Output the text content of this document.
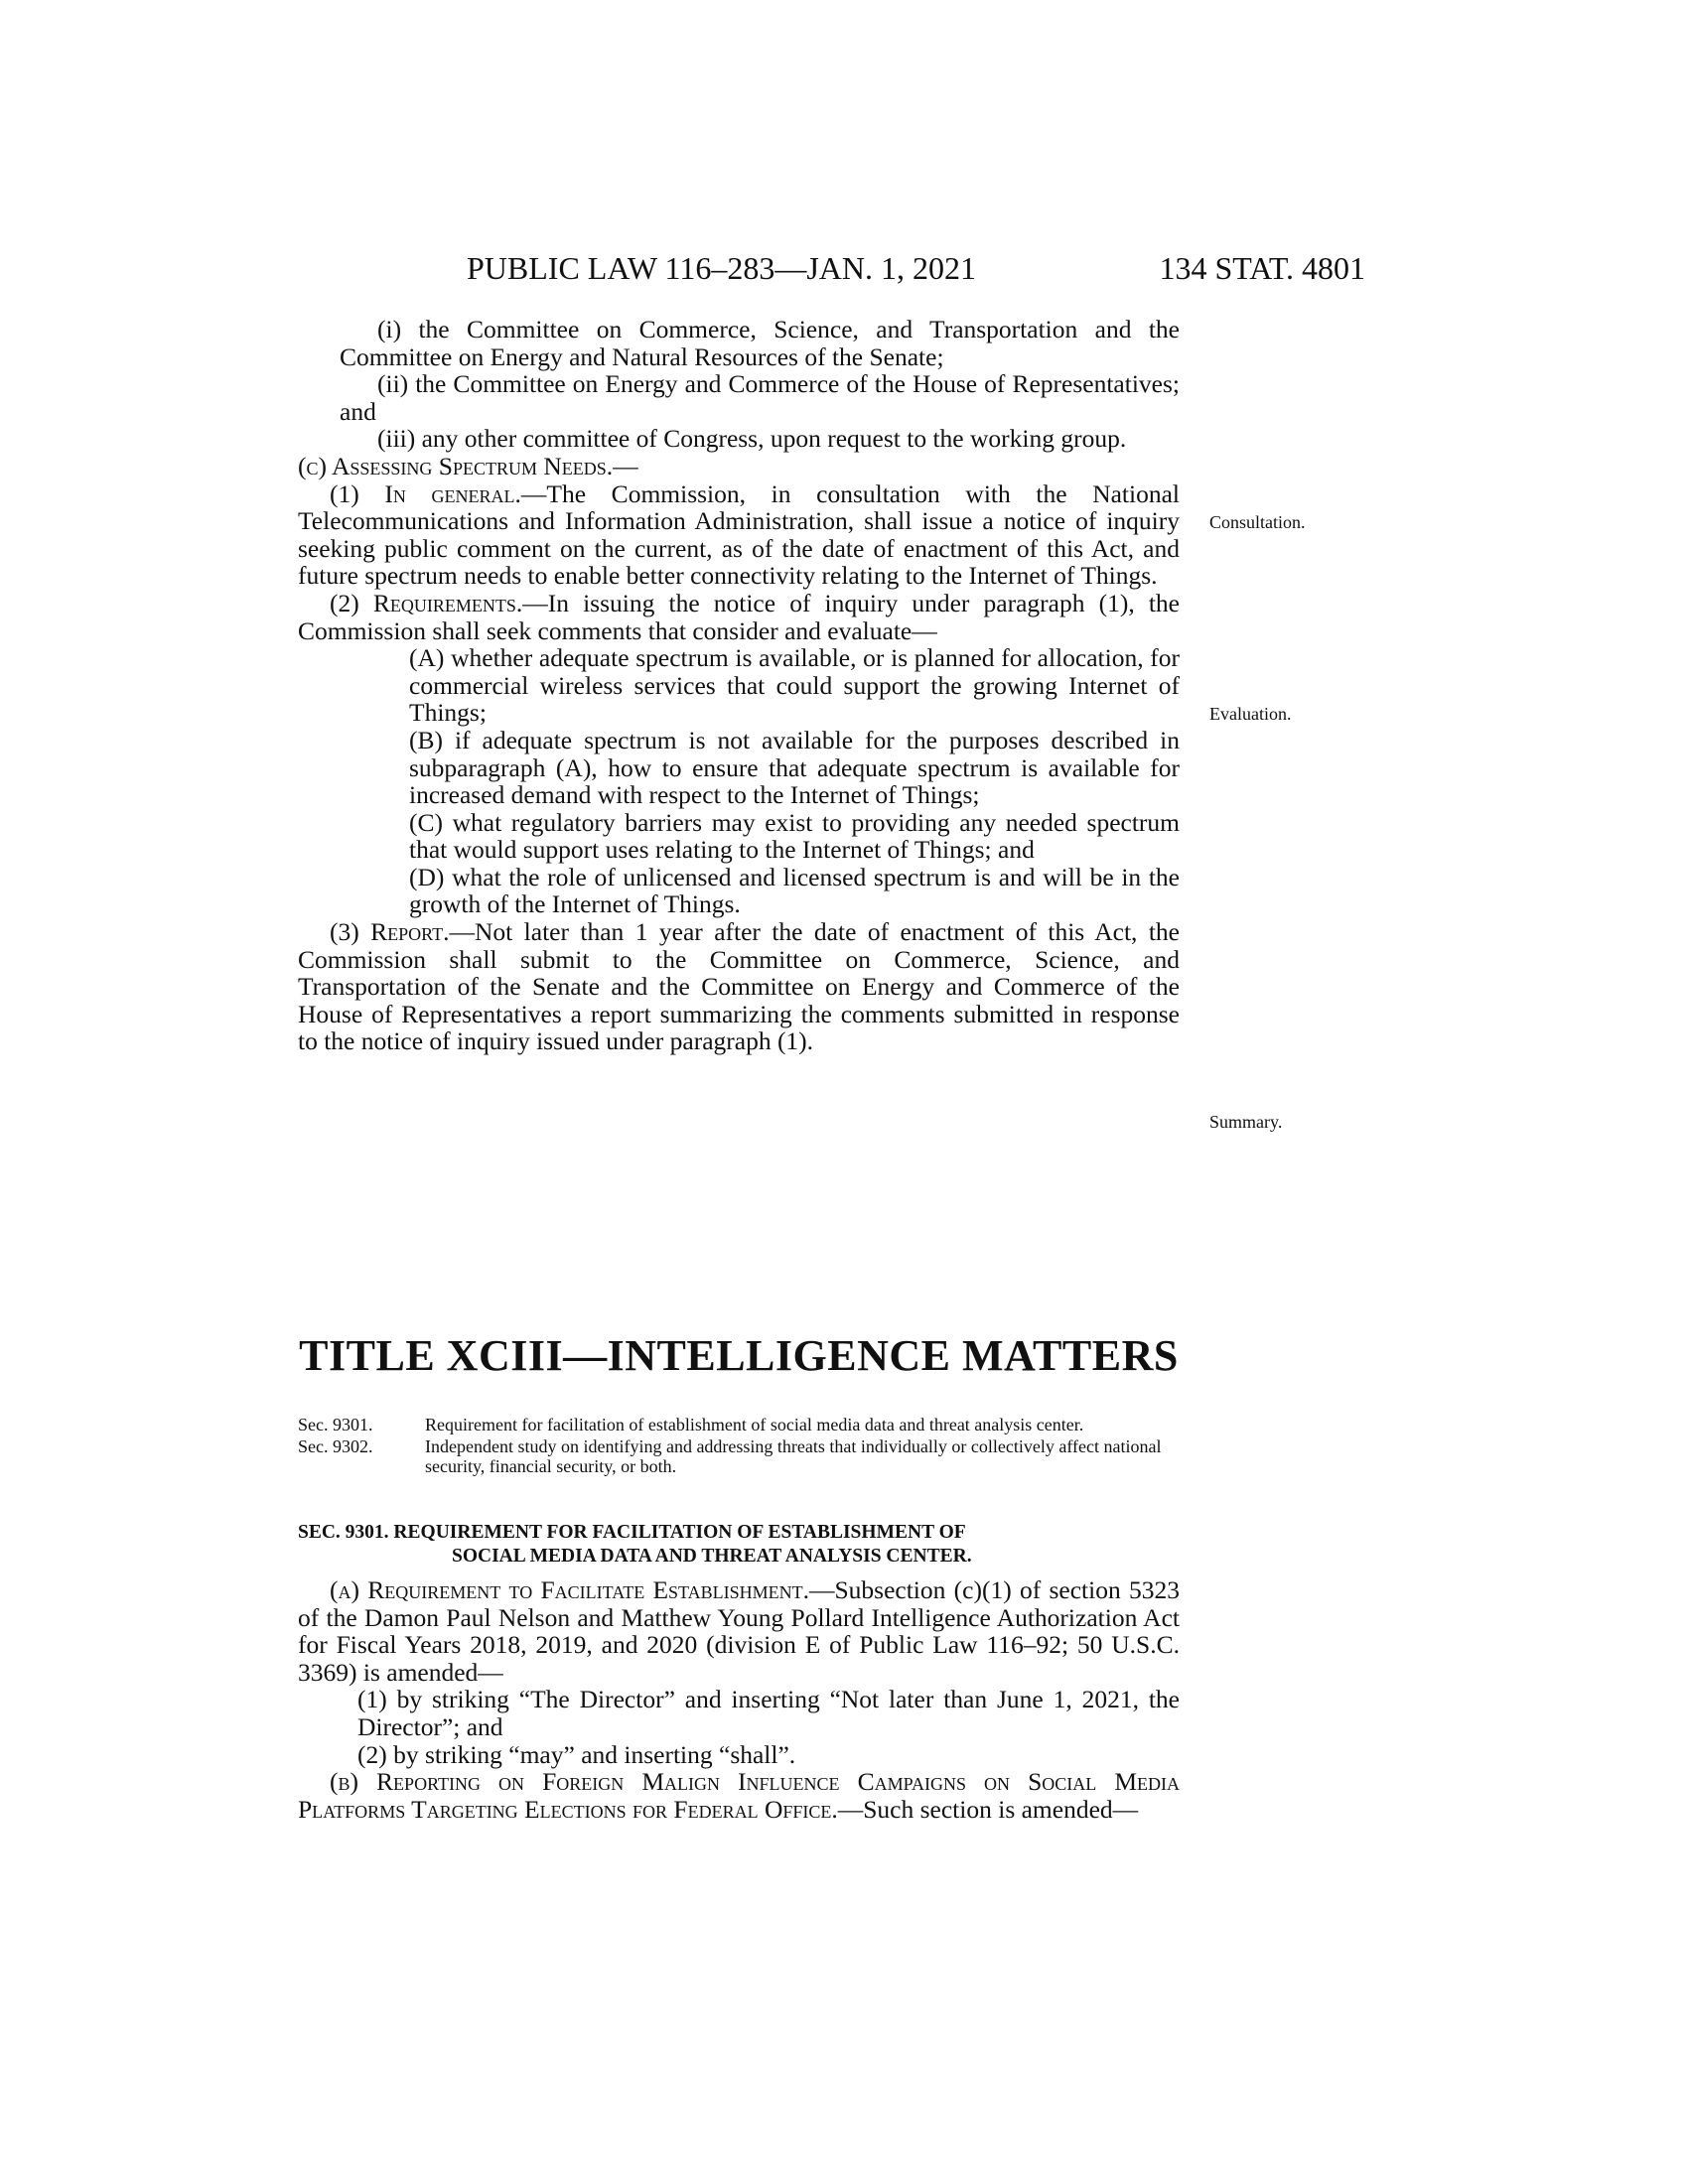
PUBLIC LAW 116–283—JAN. 1, 2021	134 STAT. 4801

(i) the Committee on Commerce, Science, and Transportation and the Committee on Energy and Natural Resources of the Senate;

(ii) the Committee on Energy and Commerce of the House of Representatives; and

(iii) any other committee of Congress, upon request to the working group.

(c) Assessing Spectrum Needs.—

(1) In general.—The Commission, in consultation with the National Telecommunications and Information Administration, shall issue a notice of inquiry seeking public comment on the current, as of the date of enactment of this Act, and future spectrum needs to enable better connectivity relating to the Internet of Things.

(2) Requirements.—In issuing the notice of inquiry under paragraph (1), the Commission shall seek comments that consider and evaluate—

(A) whether adequate spectrum is available, or is planned for allocation, for commercial wireless services that could support the growing Internet of Things;

(B) if adequate spectrum is not available for the purposes described in subparagraph (A), how to ensure that adequate spectrum is available for increased demand with respect to the Internet of Things;

(C) what regulatory barriers may exist to providing any needed spectrum that would support uses relating to the Internet of Things; and

(D) what the role of unlicensed and licensed spectrum is and will be in the growth of the Internet of Things.

(3) Report.—Not later than 1 year after the date of enactment of this Act, the Commission shall submit to the Committee on Commerce, Science, and Transportation of the Senate and the Committee on Energy and Commerce of the House of Representatives a report summarizing the comments submitted in response to the notice of inquiry issued under paragraph (1).

Consultation.
Evaluation.
Summary.
TITLE XCIII—INTELLIGENCE MATTERS
Sec. 9301.	Requirement for facilitation of establishment of social media data and threat analysis center.
Sec. 9302.	Independent study on identifying and addressing threats that individually or collectively affect national security, financial security, or both.
SEC. 9301. REQUIREMENT FOR FACILITATION OF ESTABLISHMENT OF
SOCIAL MEDIA DATA AND THREAT ANALYSIS CENTER.

(a) Requirement to Facilitate Establishment.—Subsection (c)(1) of section 5323 of the Damon Paul Nelson and Matthew Young Pollard Intelligence Authorization Act for Fiscal Years 2018, 2019, and 2020 (division E of Public Law 116–92; 50 U.S.C. 3369) is amended—

(1) by striking “The Director” and inserting “Not later than June 1, 2021, the Director”; and

(2) by striking “may” and inserting “shall”.

(b) Reporting on Foreign Malign Influence Campaigns on Social Media Platforms Targeting Elections for Federal Office.—Such section is amended—
